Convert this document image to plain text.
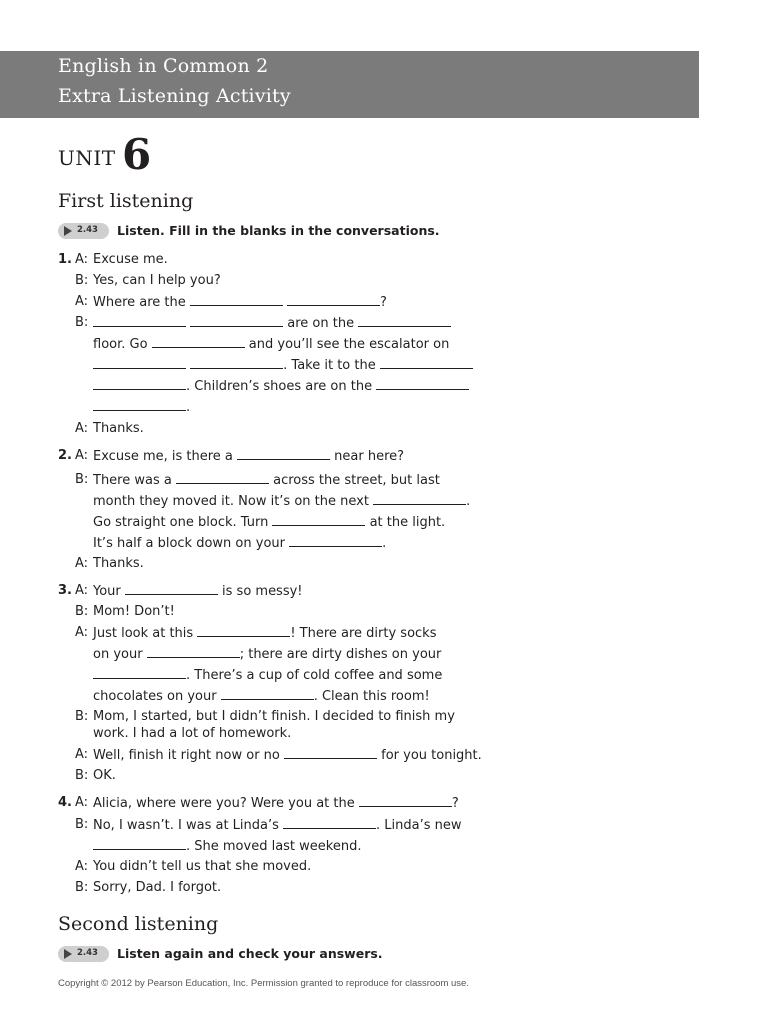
English in Common 2
Extra Listening Activity
UNIT 6
First listening
2.43 Listen. Fill in the blanks in the conversations.
1. A: Excuse me.
B: Yes, can I help you?
A: Where are the	?
B:	are on the
floor. Go	and you’ll see the escalator on
. Take it to the
. Children’s shoes are on the
.
A: Thanks.
2. A: Excuse me, is there a	near here?
B: There was a	across the street, but last
month they moved it. Now it’s on the next	.
Go straight one block. Turn	at the light.
It’s half a block down on your	.
A: Thanks.
3. A: Your	is so messy!
B: Mom! Don’t!
A: Just look at this	! There are dirty socks
on your	; there are dirty dishes on your
. There’s a cup of cold coffee and some
chocolates on your	. Clean this room!
B: Mom, I started, but I didn’t finish. I decided to finish my
work. I had a lot of homework.
A: Well, finish it right now or no	for you tonight.
B: OK.
4. A: Alicia, where were you? Were you at the	?
B: No, I wasn’t. I was at Linda’s	. Linda’s new
. She moved last weekend.
A: You didn’t tell us that she moved.
B: Sorry, Dad. I forgot.
Second listening
2.43 Listen again and check your answers.
Copyright © 2012 by Pearson Education, Inc. Permission granted to reproduce for classroom use.
